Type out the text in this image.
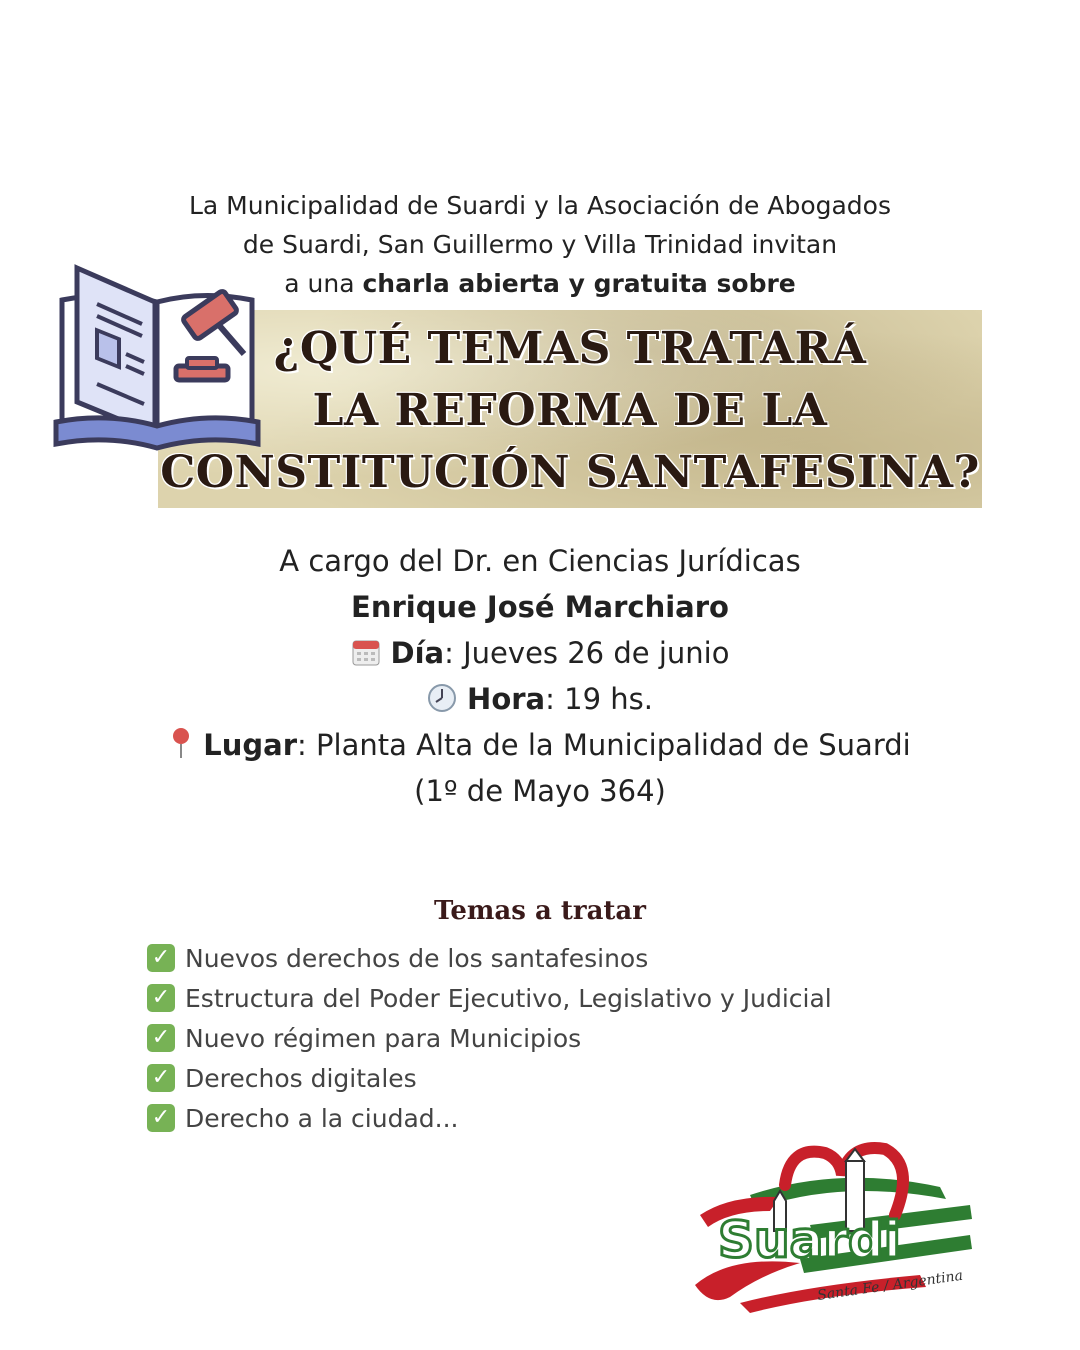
La Municipalidad de Suardi y la Asociación de Abogados
de Suardi, San Guillermo y Villa Trinidad invitan
a una charla abierta y gratuita sobre
¿QUÉ TEMAS TRATARÁ
LA REFORMA DE LA
CONSTITUCIÓN SANTAFESINA?
A cargo del Dr. en Ciencias Jurídicas
Enrique José Marchiaro
Día: Jueves 26 de junio
Hora: 19 hs.
Lugar: Planta Alta de la Municipalidad de Suardi
(1º de Mayo 364)
Temas a tratar
✓ Nuevos derechos de los santafesinos
✓ Estructura del Poder Ejecutivo, Legislativo y Judicial
✓ Nuevo régimen para Municipios
✓ Derechos digitales
✓ Derecho a la ciudad...
Suardi
Santa Fe / Argentina
